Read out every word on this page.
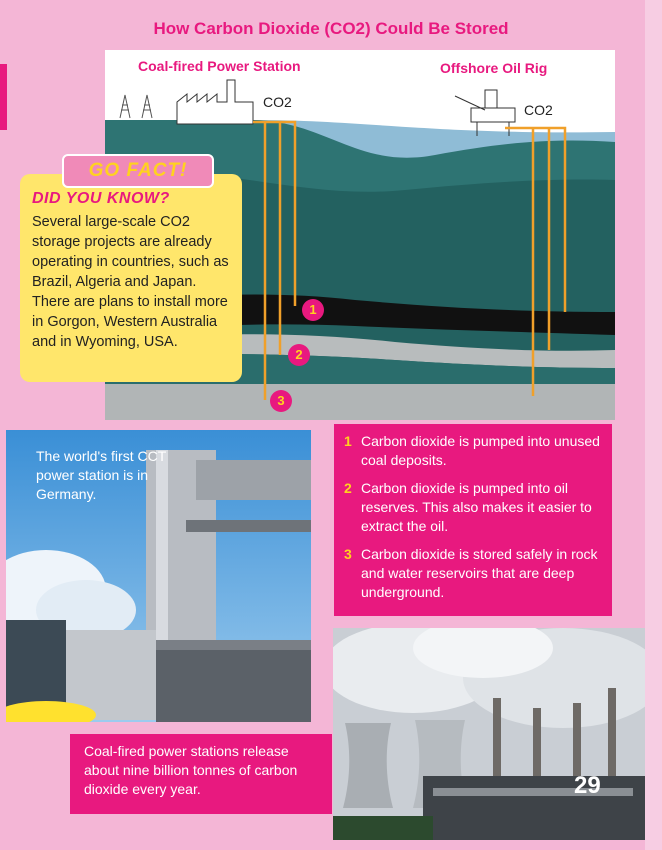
How Carbon Dioxide (CO2) Could Be Stored
Coal-fired Power Station	Offshore Oil Rig
CO2	CO2
1
2
3
GO FACT!
DID YOU KNOW?
Several large-scale CO2 storage projects are already operating in countries, such as Brazil, Algeria and Japan. There are plans to install more in Gorgon, Western Australia and in Wyoming, USA.
The world's first CCT power station is in Germany.
1 Carbon dioxide is pumped into unused coal deposits.
2 Carbon dioxide is pumped into oil reserves. This also makes it easier to extract the oil.
3 Carbon dioxide is stored safely in rock and water reservoirs that are deep underground.
29
Coal-fired power stations release about nine billion tonnes of carbon dioxide every year.
